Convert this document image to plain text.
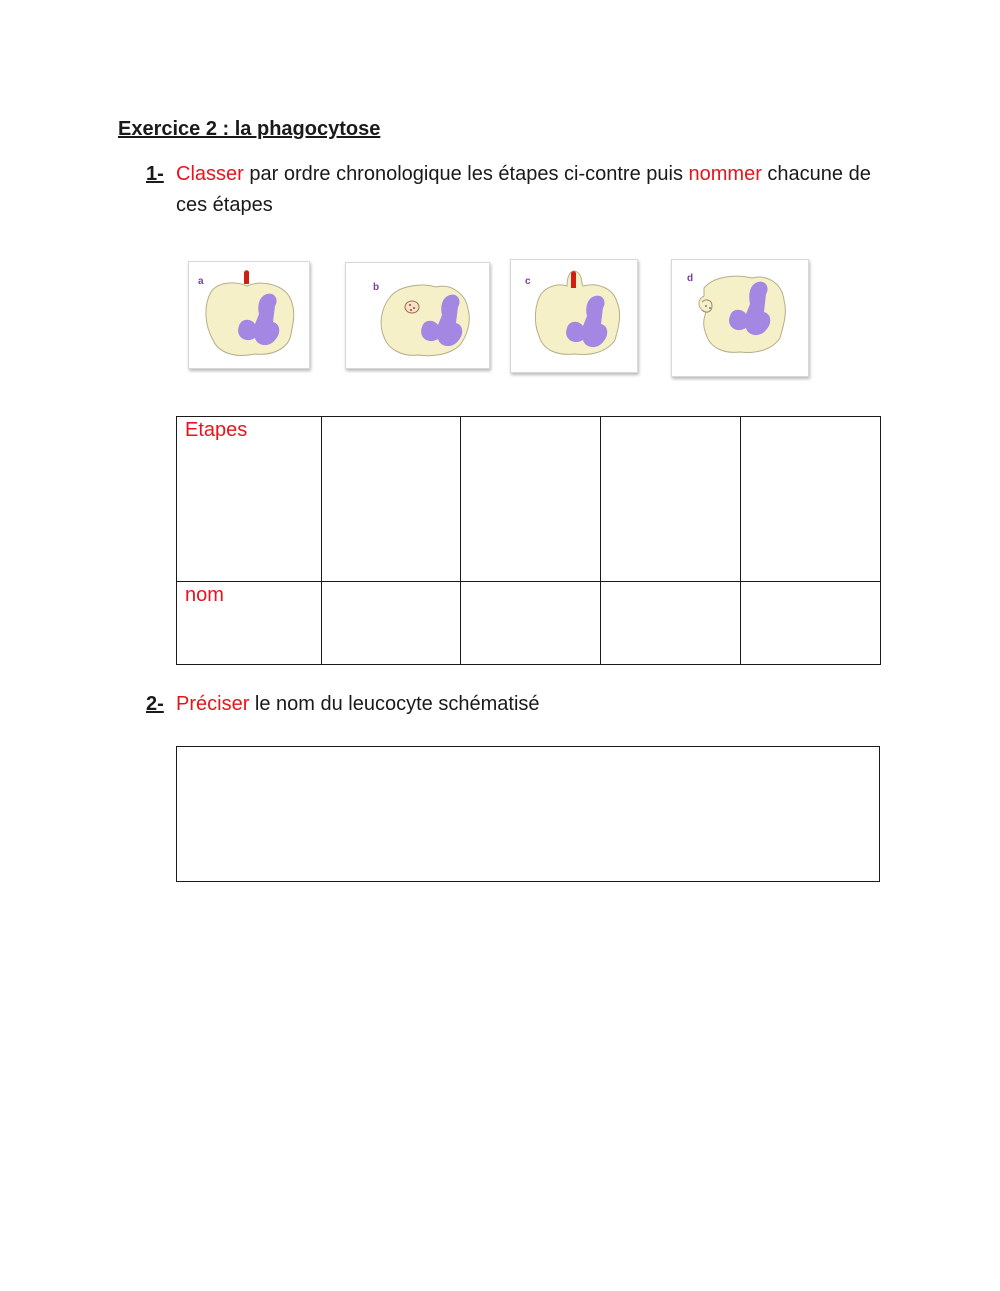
Exercice 2 : la phagocytose
1- Classer par ordre chronologique les étapes ci-contre puis nommer chacune de ces étapes
a
b
c	d
Etapes				
nom				
2- Préciser le nom du leucocyte schématisé
